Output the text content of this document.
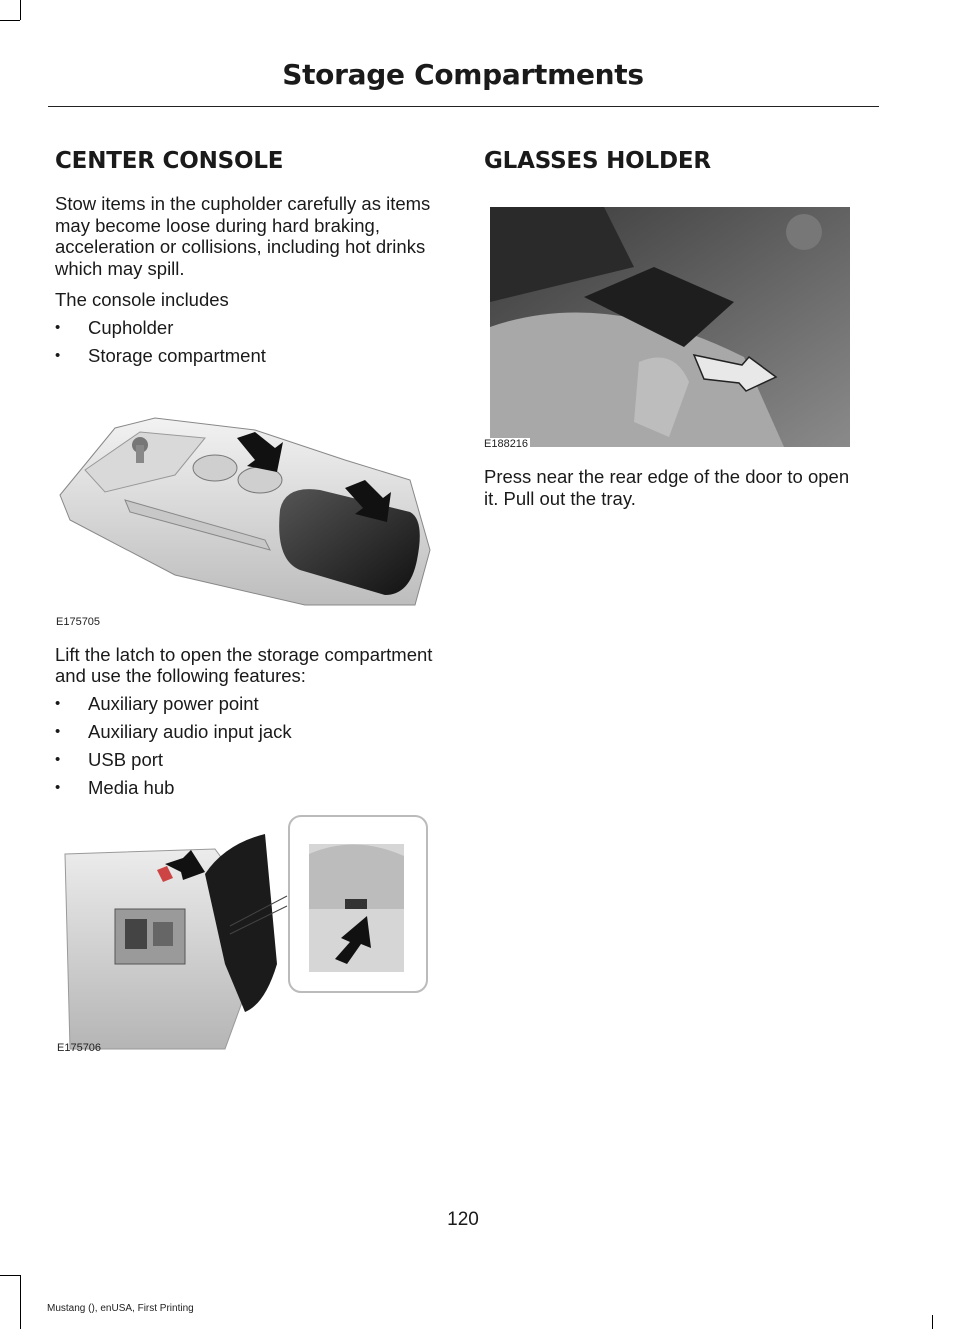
Storage Compartments
CENTER CONSOLE

Stow items in the cupholder carefully as items may become loose during hard braking, acceleration or collisions, including hot drinks which may spill.

The console includes

• Cupholder
• Storage compartment
E175705

Lift the latch to open the storage compartment and use the following features:

• Auxiliary power point
• Auxiliary audio input jack
• USB port
• Media hub
E175706
GLASSES HOLDER
E188216

Press near the rear edge of the door to open it. Pull out the tray.

120
Mustang (), enUSA, First Printing
